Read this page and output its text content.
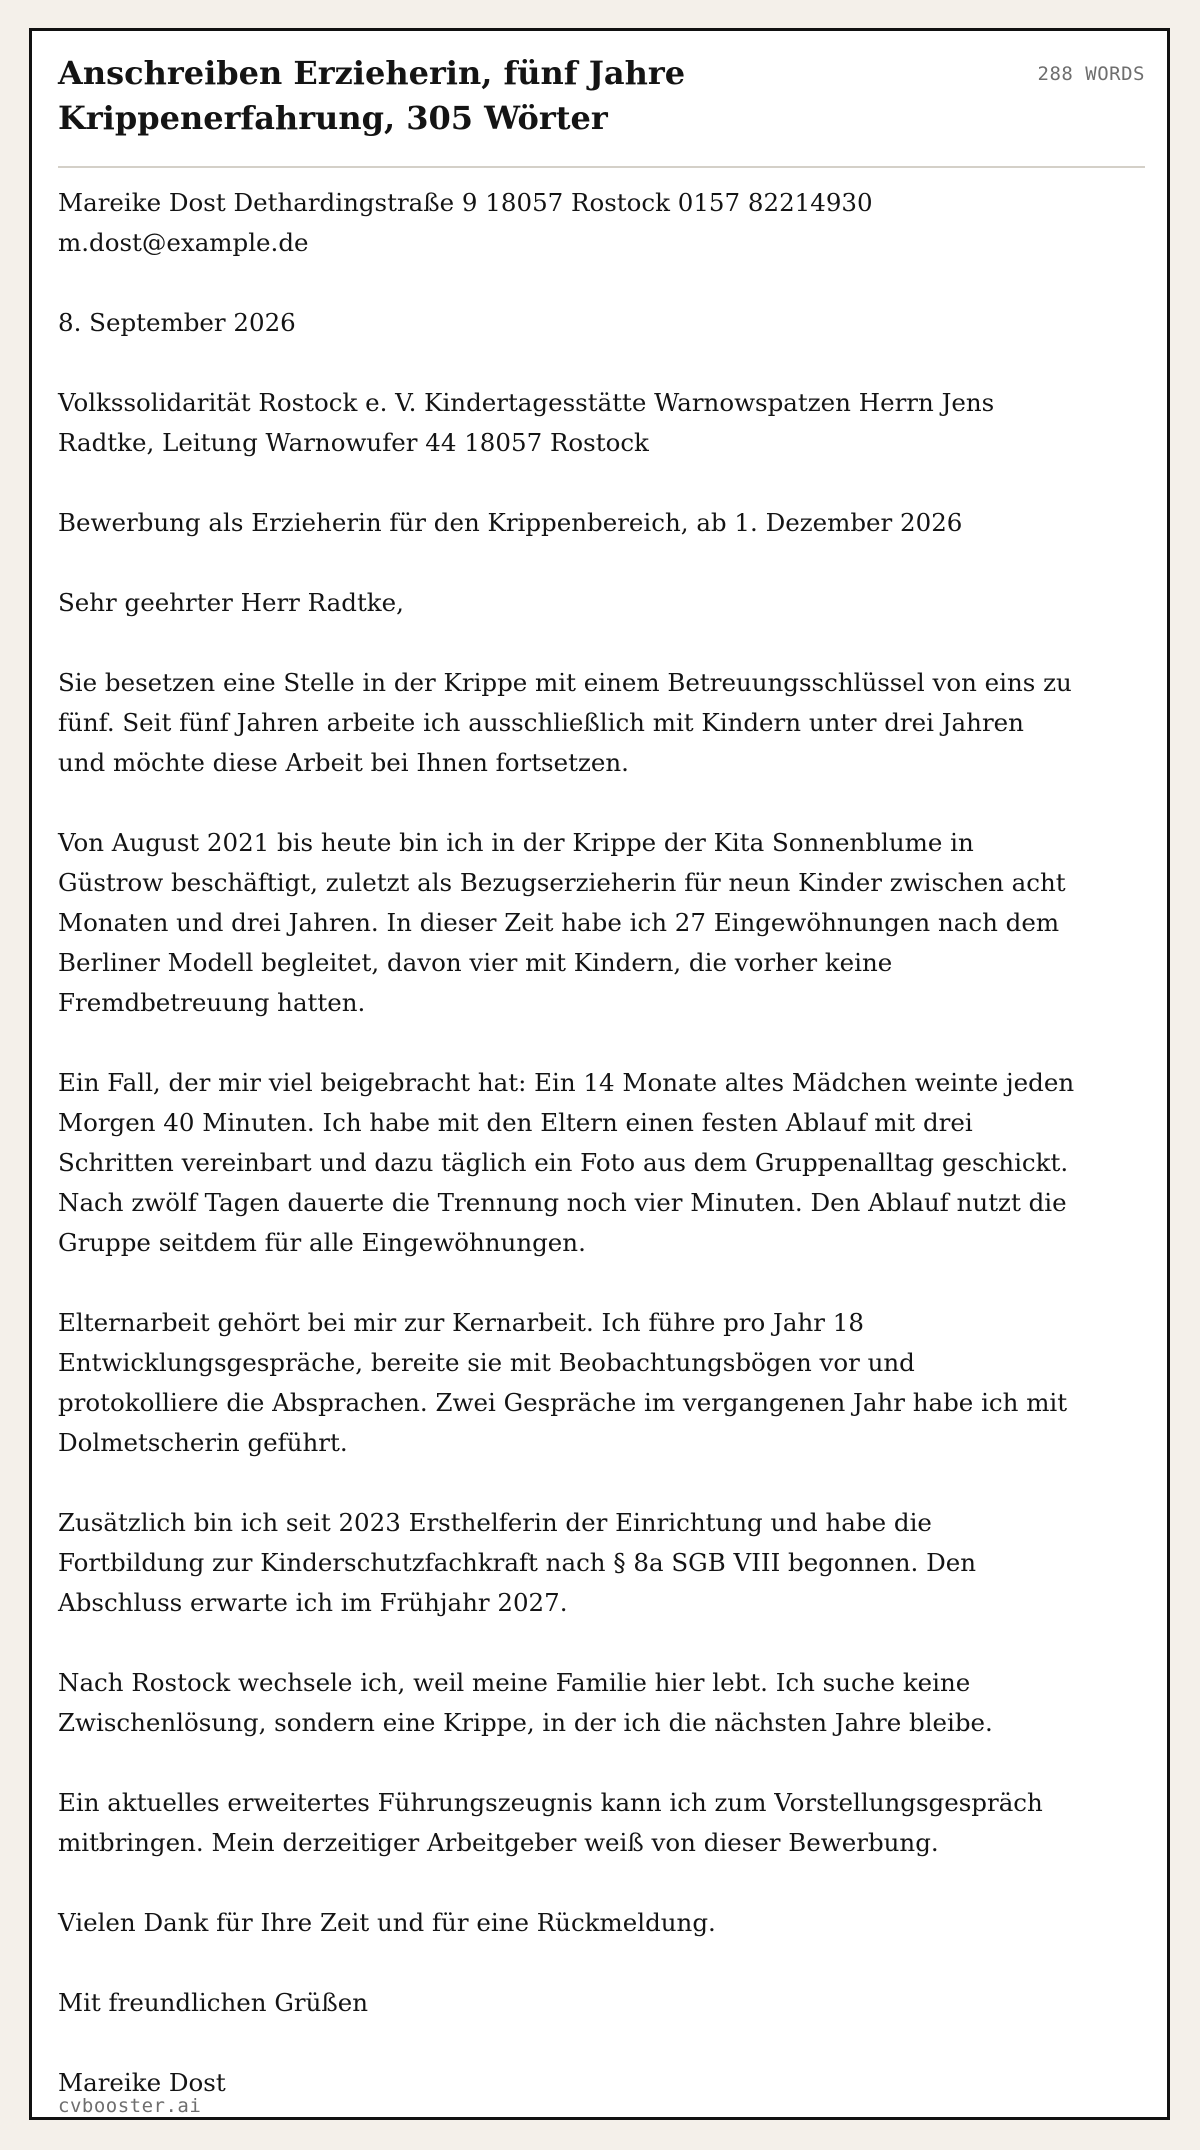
Anschreiben Erzieherin, fünf Jahre Krippenerfahrung, 305 Wörter
288 WORDS

Mareike Dost Dethardingstraße 9 18057 Rostock 0157 82214930 m.dost@example.de

8. September 2026

Volkssolidarität Rostock e. V. Kindertagesstätte Warnowspatzen Herrn Jens Radtke, Leitung Warnowufer 44 18057 Rostock

Bewerbung als Erzieherin für den Krippenbereich, ab 1. Dezember 2026

Sehr geehrter Herr Radtke,

Sie besetzen eine Stelle in der Krippe mit einem Betreuungsschlüssel von eins zu fünf. Seit fünf Jahren arbeite ich ausschließlich mit Kindern unter drei Jahren und möchte diese Arbeit bei Ihnen fortsetzen.

Von August 2021 bis heute bin ich in der Krippe der Kita Sonnenblume in Güstrow beschäftigt, zuletzt als Bezugserzieherin für neun Kinder zwischen acht Monaten und drei Jahren. In dieser Zeit habe ich 27 Eingewöhnungen nach dem Berliner Modell begleitet, davon vier mit Kindern, die vorher keine Fremdbetreuung hatten.

Ein Fall, der mir viel beigebracht hat: Ein 14 Monate altes Mädchen weinte jeden Morgen 40 Minuten. Ich habe mit den Eltern einen festen Ablauf mit drei Schritten vereinbart und dazu täglich ein Foto aus dem Gruppenalltag geschickt. Nach zwölf Tagen dauerte die Trennung noch vier Minuten. Den Ablauf nutzt die Gruppe seitdem für alle Eingewöhnungen.

Elternarbeit gehört bei mir zur Kernarbeit. Ich führe pro Jahr 18 Entwicklungsgespräche, bereite sie mit Beobachtungsbögen vor und protokolliere die Absprachen. Zwei Gespräche im vergangenen Jahr habe ich mit Dolmetscherin geführt.

Zusätzlich bin ich seit 2023 Ersthelferin der Einrichtung und habe die Fortbildung zur Kinderschutzfachkraft nach § 8a SGB VIII begonnen. Den Abschluss erwarte ich im Frühjahr 2027.

Nach Rostock wechsele ich, weil meine Familie hier lebt. Ich suche keine Zwischenlösung, sondern eine Krippe, in der ich die nächsten Jahre bleibe.

Ein aktuelles erweitertes Führungszeugnis kann ich zum Vorstellungsgespräch mitbringen. Mein derzeitiger Arbeitgeber weiß von dieser Bewerbung.

Vielen Dank für Ihre Zeit und für eine Rückmeldung.

Mit freundlichen Grüßen

Mareike Dost

cvbooster.ai
